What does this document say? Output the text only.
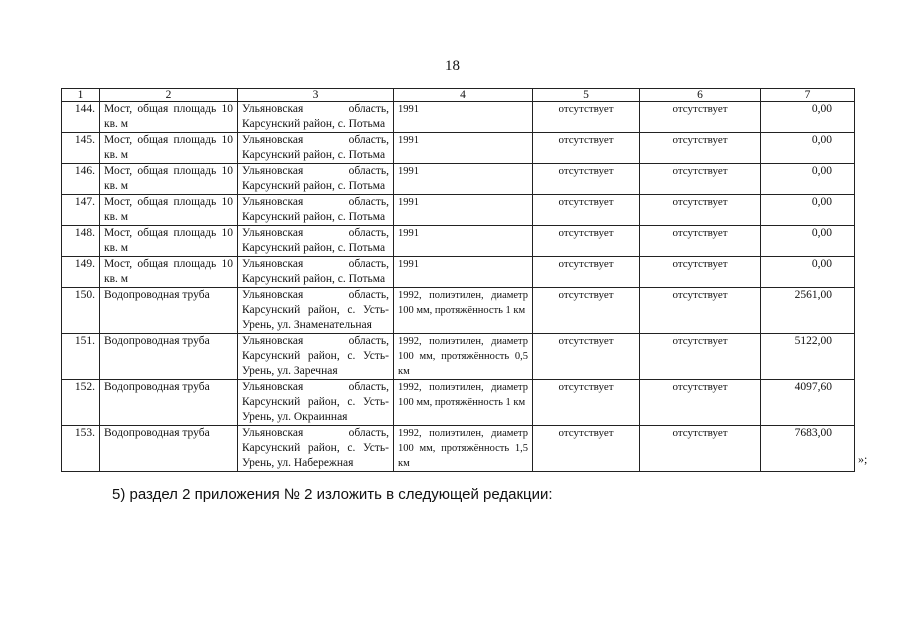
18
1	2	3	4	5	6	7
144.	Мост, общая площадь 10 кв. м	Ульяновская область, Карсунский район, с. Потьма	1991	отсутствует	отсутствует	0,00
145.	Мост, общая площадь 10 кв. м	Ульяновская область, Карсунский район, с. Потьма	1991	отсутствует	отсутствует	0,00
146.	Мост, общая площадь 10 кв. м	Ульяновская область, Карсунский район, с. Потьма	1991	отсутствует	отсутствует	0,00
147.	Мост, общая площадь 10 кв. м	Ульяновская область, Карсунский район, с. Потьма	1991	отсутствует	отсутствует	0,00
148.	Мост, общая площадь 10 кв. м	Ульяновская область, Карсунский район, с. Потьма	1991	отсутствует	отсутствует	0,00
149.	Мост, общая площадь 10 кв. м	Ульяновская область, Карсунский район, с. Потьма	1991	отсутствует	отсутствует	0,00
150.	Водопроводная труба	Ульяновская область, Карсунский район, с. Усть-Урень, ул. Знаменательная	1992, полиэтилен, диаметр 100 мм, протяжённость 1 км	отсутствует	отсутствует	2561,00
151.	Водопроводная труба	Ульяновская область, Карсунский район, с. Усть-Урень, ул. Заречная	1992, полиэтилен, диаметр 100 мм, протяжённость 0,5 км	отсутствует	отсутствует	5122,00
152.	Водопроводная труба	Ульяновская область, Карсунский район, с. Усть-Урень, ул. Окраинная	1992, полиэтилен, диаметр 100 мм, протяжённость 1 км	отсутствует	отсутствует	4097,60
153.	Водопроводная труба	Ульяновская область, Карсунский район, с. Усть-Урень, ул. Набережная	1992, полиэтилен, диаметр 100 мм, протяжённость 1,5 км	отсутствует	отсутствует	7683,00
»;
5) раздел 2 приложения № 2 изложить в следующей редакции:
